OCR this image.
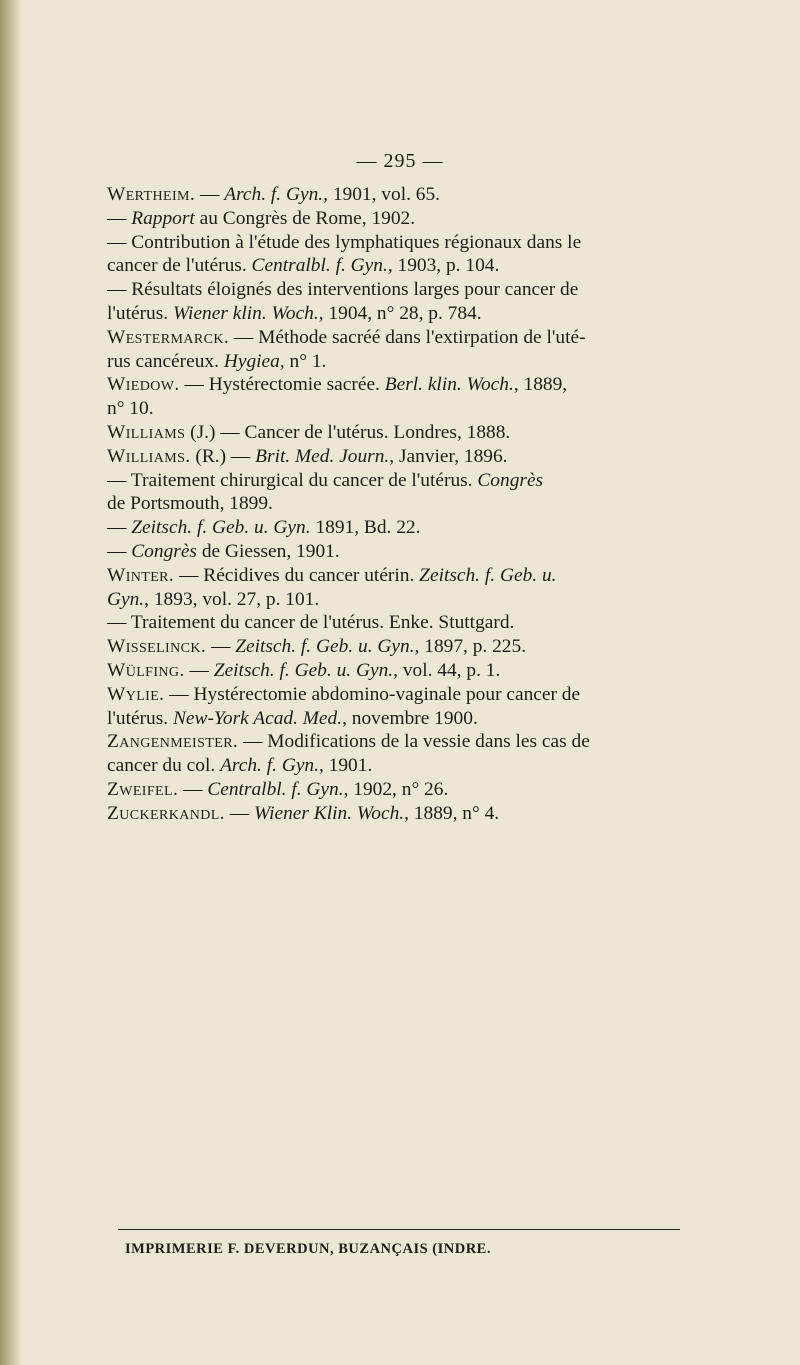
— 295 —
Wertheim. — Arch. f. Gyn., 1901, vol. 65.
— Rapport au Congrès de Rome, 1902.
— Contribution à l'étude des lymphatiques régionaux dans le
cancer de l'utérus. Centralbl. f. Gyn., 1903, p. 104.
— Résultats éloignés des interventions larges pour cancer de
l'utérus. Wiener klin. Woch., 1904, n° 28, p. 784.
Westermarck. — Méthode sacréé dans l'extirpation de l'uté-
rus cancéreux. Hygiea, n° 1.
Wiedow. — Hystérectomie sacrée. Berl. klin. Woch., 1889,
n° 10.
Williams (J.) — Cancer de l'utérus. Londres, 1888.
Williams. (R.) — Brit. Med. Journ., Janvier, 1896.
— Traitement chirurgical du cancer de l'utérus. Congrès
de Portsmouth, 1899.
— Zeitsch. f. Geb. u. Gyn. 1891, Bd. 22.
— Congrès de Giessen, 1901.
Winter. — Récidives du cancer utérin. Zeitsch. f. Geb. u.
Gyn., 1893, vol. 27, p. 101.
— Traitement du cancer de l'utérus. Enke. Stuttgard.
Wisselinck. — Zeitsch. f. Geb. u. Gyn., 1897, p. 225.
Wülfing. — Zeitsch. f. Geb. u. Gyn., vol. 44, p. 1.
Wylie. — Hystérectomie abdomino-vaginale pour cancer de
l'utérus. New-York Acad. Med., novembre 1900.
Zangenmeister. — Modifications de la vessie dans les cas de
cancer du col. Arch. f. Gyn., 1901.
Zweifel. — Centralbl. f. Gyn., 1902, n° 26.
Zuckerkandl. — Wiener Klin. Woch., 1889, n° 4.
IMPRIMERIE F. DEVERDUN, BUZANÇAIS (INDRE.
